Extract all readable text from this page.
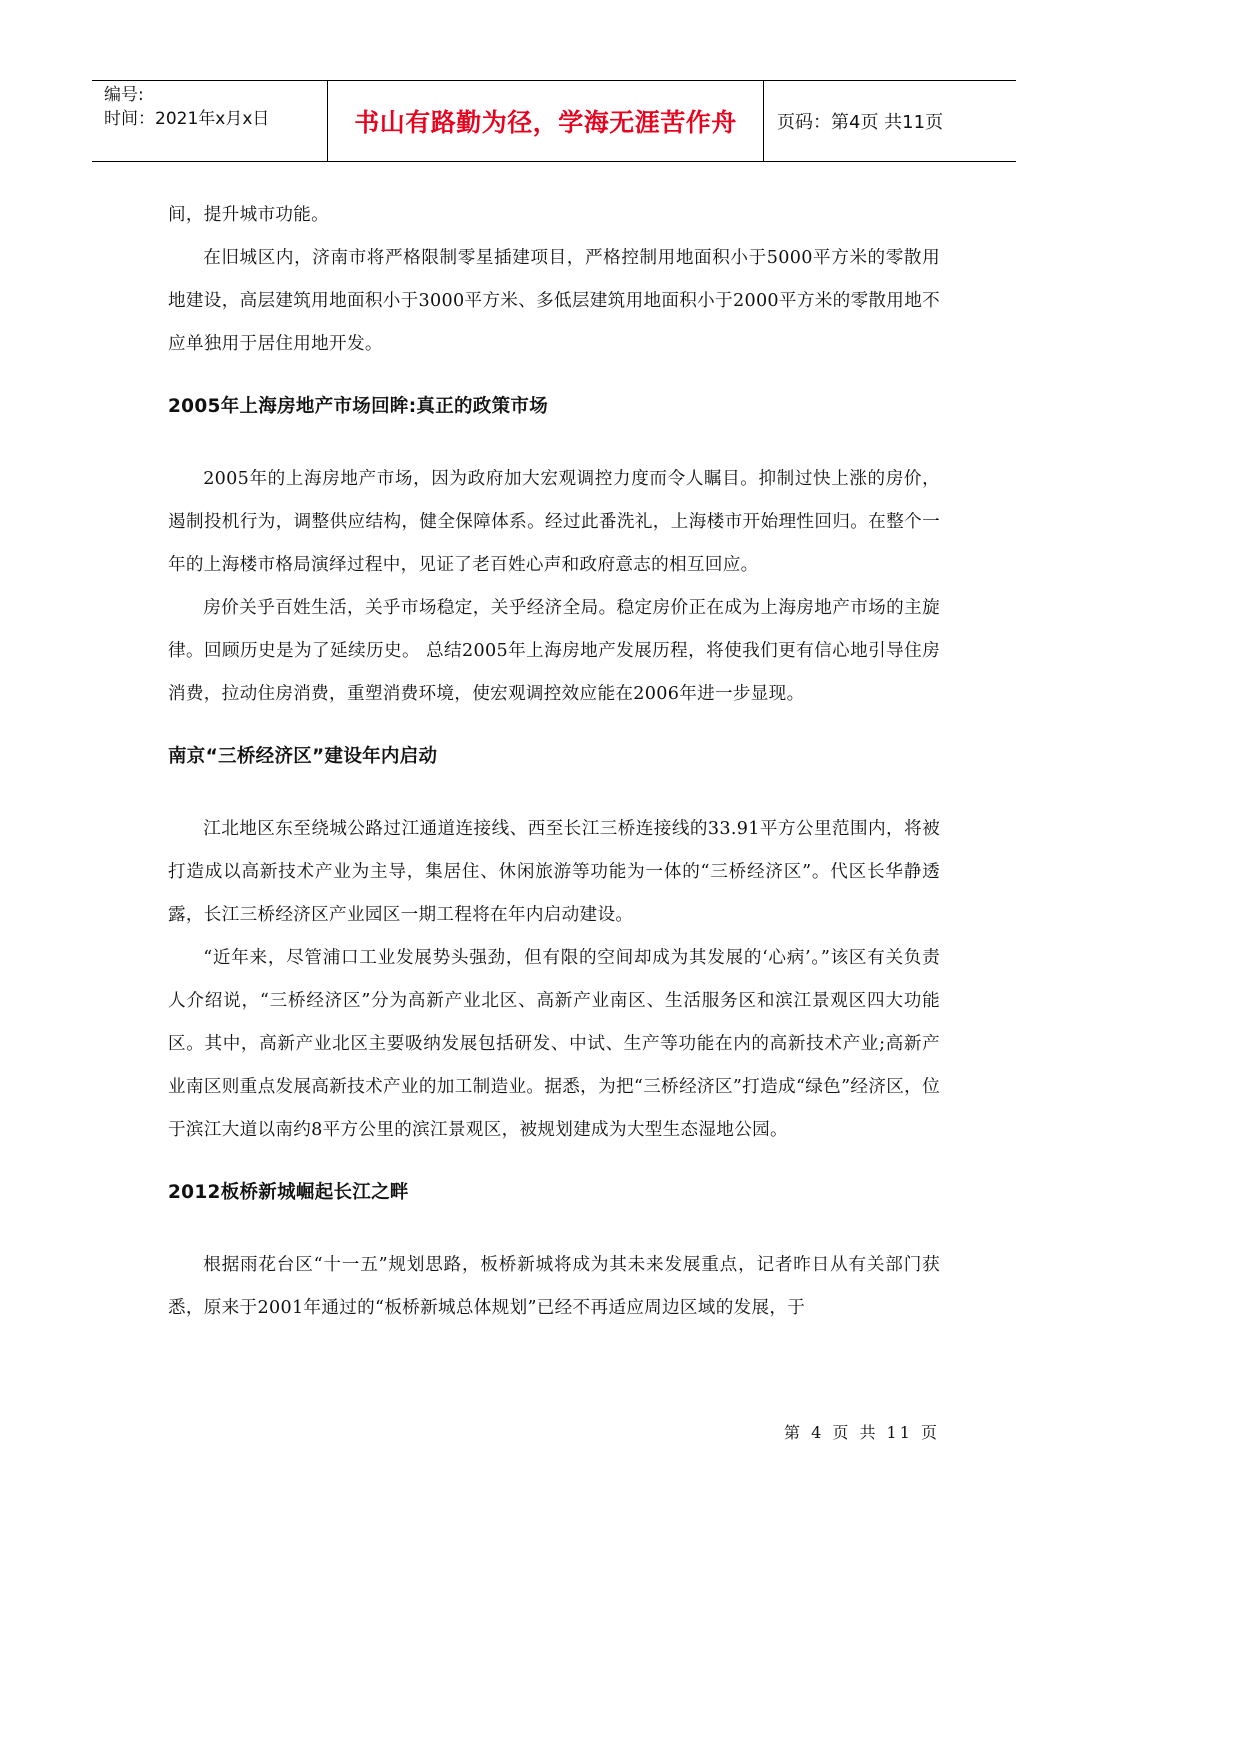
编号:
时间：2021年x月x日	书山有路勤为径，学海无涯苦作舟 页码：第4页 共11页

间，提升城市功能。

在旧城区内，济南市将严格限制零星插建项目，严格控制用地面积小于5000平方米的零散用地建设，高层建筑用地面积小于3000平方米、多低层建筑用地面积小于2000平方米的零散用地不应单独用于居住用地开发。

2005年上海房地产市场回眸:真正的政策市场

2005年的上海房地产市场，因为政府加大宏观调控力度而令人瞩目。抑制过快上涨的房价，遏制投机行为，调整供应结构，健全保障体系。经过此番洗礼，上海楼市开始理性回归。在整个一年的上海楼市格局演绎过程中，见证了老百姓心声和政府意志的相互回应。

房价关乎百姓生活，关乎市场稳定，关乎经济全局。稳定房价正在成为上海房地产市场的主旋律。回顾历史是为了延续历史。 总结2005年上海房地产发展历程，将使我们更有信心地引导住房消费，拉动住房消费，重塑消费环境，使宏观调控效应能在2006年进一步显现。

南京“三桥经济区”建设年内启动

江北地区东至绕城公路过江通道连接线、西至长江三桥连接线的33.91平方公里范围内，将被打造成以高新技术产业为主导，集居住、休闲旅游等功能为一体的“三桥经济区”。代区长华静透露，长江三桥经济区产业园区一期工程将在年内启动建设。

“近年来，尽管浦口工业发展势头强劲，但有限的空间却成为其发展的‘心病’。”该区有关负责人介绍说，“三桥经济区”分为高新产业北区、高新产业南区、生活服务区和滨江景观区四大功能区。其中，高新产业北区主要吸纳发展包括研发、中试、生产等功能在内的高新技术产业;高新产业南区则重点发展高新技术产业的加工制造业。据悉，为把“三桥经济区”打造成“绿色”经济区，位于滨江大道以南约8平方公里的滨江景观区，被规划建成为大型生态湿地公园。

2012板桥新城崛起长江之畔

根据雨花台区“十一五”规划思路，板桥新城将成为其未来发展重点，记者昨日从有关部门获悉，原来于2001年通过的“板桥新城总体规划”已经不再适应周边区域的发展，于

第 4 页 共 11 页
